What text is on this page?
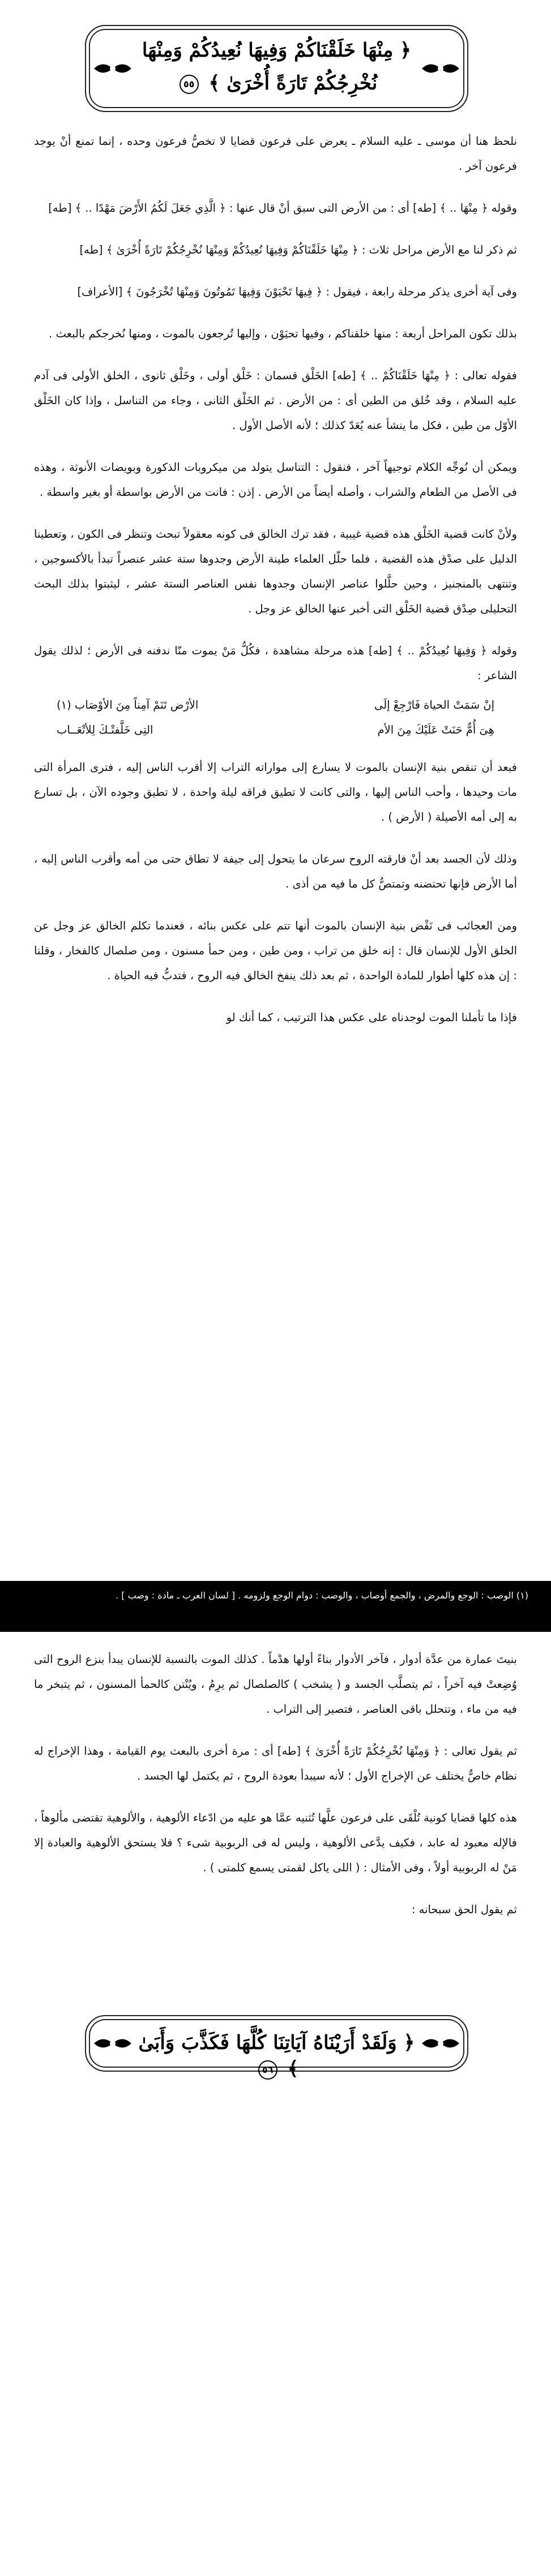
﴿ مِنْهَا خَلَقْنَاكُمْ وَفِيهَا نُعِيدُكُمْ وَمِنْهَا
نُخْرِجُكُمْ تَارَةً أُخْرَىٰ ﴾ ٥٥

نلحظ هنا أن موسى ـ عليه السلام ـ يعرض على فرعون قضايا لا تخصُّ فرعون وحده ، إنما تمنع أنْ يوجد فرعون آخر .

وقوله ﴿ مِنْهَا .. ﴾ [طه] أى : من الأرض التى سبق أنْ قال عنها : ﴿ الَّذِي جَعَلَ لَكُمُ الأَرْضَ مَهْدًا .. ﴾ [طه]

ثم ذكر لنا مع الأرض مراحل ثلاث : ﴿ مِنْهَا خَلَقْنَاكُمْ وَفِيهَا نُعِيدُكُمْ وَمِنْهَا نُخْرِجُكُمْ تَارَةً أُخْرَىٰ ﴾ [طه]

وفى آية أخرى يذكر مرحلة رابعة ، فيقول : ﴿ فِيهَا تَحْيَوْنَ وَفِيهَا تَمُوتُونَ وَمِنْهَا تُخْرَجُونَ ﴾ [الأعراف]

بذلك تكون المراحل أربعة : منها خلقناكم ، وفيها تحيَوْن ، وإليها تُرجعون بالموت ، ومنها نُخرجكم بالبعث .

فقوله تعالى : ﴿ مِنْهَا خَلَقْنَاكُمْ .. ﴾ [طه] الخَلْق قسمان : خَلْق أولى ، وخَلْق ثانوى ، الخلق الأولى فى آدم عليه السلام ، وقد خُلق من الطين أى : من الأرض . ثم الخَلْق الثانى ، وجاء من التناسل ، وإذا كان الخَلْق الأوّل من طين ، فكل ما ينشأ عنه يُعَدّ كذلك ؛ لأنه الأصل الأول .

ويمكن أن نُوجِّه الكلام توجيهاً آخر ، فنقول : التناسل يتولد من ميكروبات الذكورة وبويضات الأنوثة ، وهذه فى الأصل من الطعام والشراب ، وأصله أيضاً من الأرض . إذن : فانت من الأرض بواسطة أو بغير واسطة .

ولأنْ كانت قضية الخَلْق هذه قضية غيبية ، فقد ترك الخالق فى كونه معقولاً تبحث وتنظر فى الكون ، وتعطينا الدليل على صدْق هذه القضية ، فلما حلّل العلماء طينة الأرض وجدوها ستة عشر عنصراً تبدأ بالأكسوجين ، وتنتهى بالمنجنيز ، وحين حلَّلوا عناصر الإنسان وجدوها نفس العناصر الستة عشر ، ليثبتوا بذلك البحث التحليلى صِدْق قضية الخَلْق التى أخبر عنها الخالق عز وجل .

وقوله ﴿ وَفِيهَا نُعِيدُكُمْ .. ﴾ [طه] هذه مرحلة مشاهدة ، فكُلُّ مَنْ يموت منّا ندفنه فى الأرض ؛ لذلك يقول الشاعر :

إنْ سَمَتْ الحياة فَارْجِعْ إلَى
الأرْض تَنَمْ آمِناً مِنَ الأوْصَاب (١)
هِىَ أُمٌّ حَنَتْ عَلَيْكَ مِنَ الأم
التِى خَلَّفتْـكَ لِلأتْعَــاب

فبعد أن تنقص بنية الإنسان بالموت لا يسارع إلى مواراته التراب إلا أقرب الناس إليه ، فترى المرأة التى مات وحيدها ، وأحب الناس إليها ، والتى كانت لا تطيق فراقه ليلة واحدة ، لا تطيق وجوده الآن ، بل تسارع به إلى أمه الأصيلة ( الأرض ) .

وذلك لأن الجسد بعد أنْ فارقته الروح سرعان ما يتحول إلى جيفة لا تطاق حتى من أمه وأقرب الناس إليه ، أما الأرض فإنها تحتضنه وتمتصُّ كل ما فيه من أذى .

ومن العجائب فى نَقْض بنية الإنسان بالموت أنها تتم على عكس بنائه ، فعندما تكلم الخالق عز وجل عن الخلق الأول للإنسان قال : إنه خلق من تراب ، ومن طين ، ومن حمأ مسنون ، ومن صلصال كالفخار ، وقلنا : إن هذه كلها أطوار للمادة الواحدة ، ثم بعد ذلك ينفخ الخالق فيه الروح ، فتدبُّ فيه الحياة .

فإذا ما تأملنا الموت لوجدناه على عكس هذا الترتيب ، كما أنك لو

(١) الوصب : الوجع والمرض ، والجمع أوصاب ، والوصب : دوام الوجع ولزومه . [ لسان العرب ـ مادة : وصب ] .

بنيتَ عمارة من عدَّة أدوار ، فآخر الأدوار بناءً أولها هدْماً . كذلك الموت بالنسبة للإنسان يبدأ بنزع الروح التى وُضِعتْ فيه آخراً ، ثم يتصلَّب الجسد و ( يشخب ) كالصلصال ثم يرِمُ ، ويُنْتن كالحمأ المسنون ، ثم يتبخر ما فيه من ماء ، وتتحلل باقى العناصر ، فتصير إلى التراب .

ثم يقول تعالى : ﴿ وَمِنْهَا نُخْرِجُكُمْ تَارَةً أُخْرَىٰ ﴾ [طه] أى : مرة أخرى بالبعث يوم القيامة ، وهذا الإخراج له نظام خاصٌّ يختلف عن الإخراج الأول ؛ لأنه سيبدأ بعودة الروح ، ثم يكتمل لها الجسد .

هذه كلها قضايا كونية تُلْقَى على فرعون علَّها تُثنيه عمَّا هو عليه من ادّعاء الألوهية ، والألوهية تقتضى مألوهاً ، فالإله معبود له عابد ، فكيف يدَّعى الألوهية ، وليس له فى الربوبية شىء ؟ فلا يستحق الألوهية والعبادة إلا مَنْ له الربوبية أولاً ، وفى الأمثال : ( اللى ياكل لقمتى يسمع كلمتى ) .

ثم يقول الحق سبحانه :

﴿ وَلَقَدْ أَرَيْنَاهُ آيَاتِنَا كُلَّهَا فَكَذَّبَ وَأَبَىٰ ﴾ ٥٦
